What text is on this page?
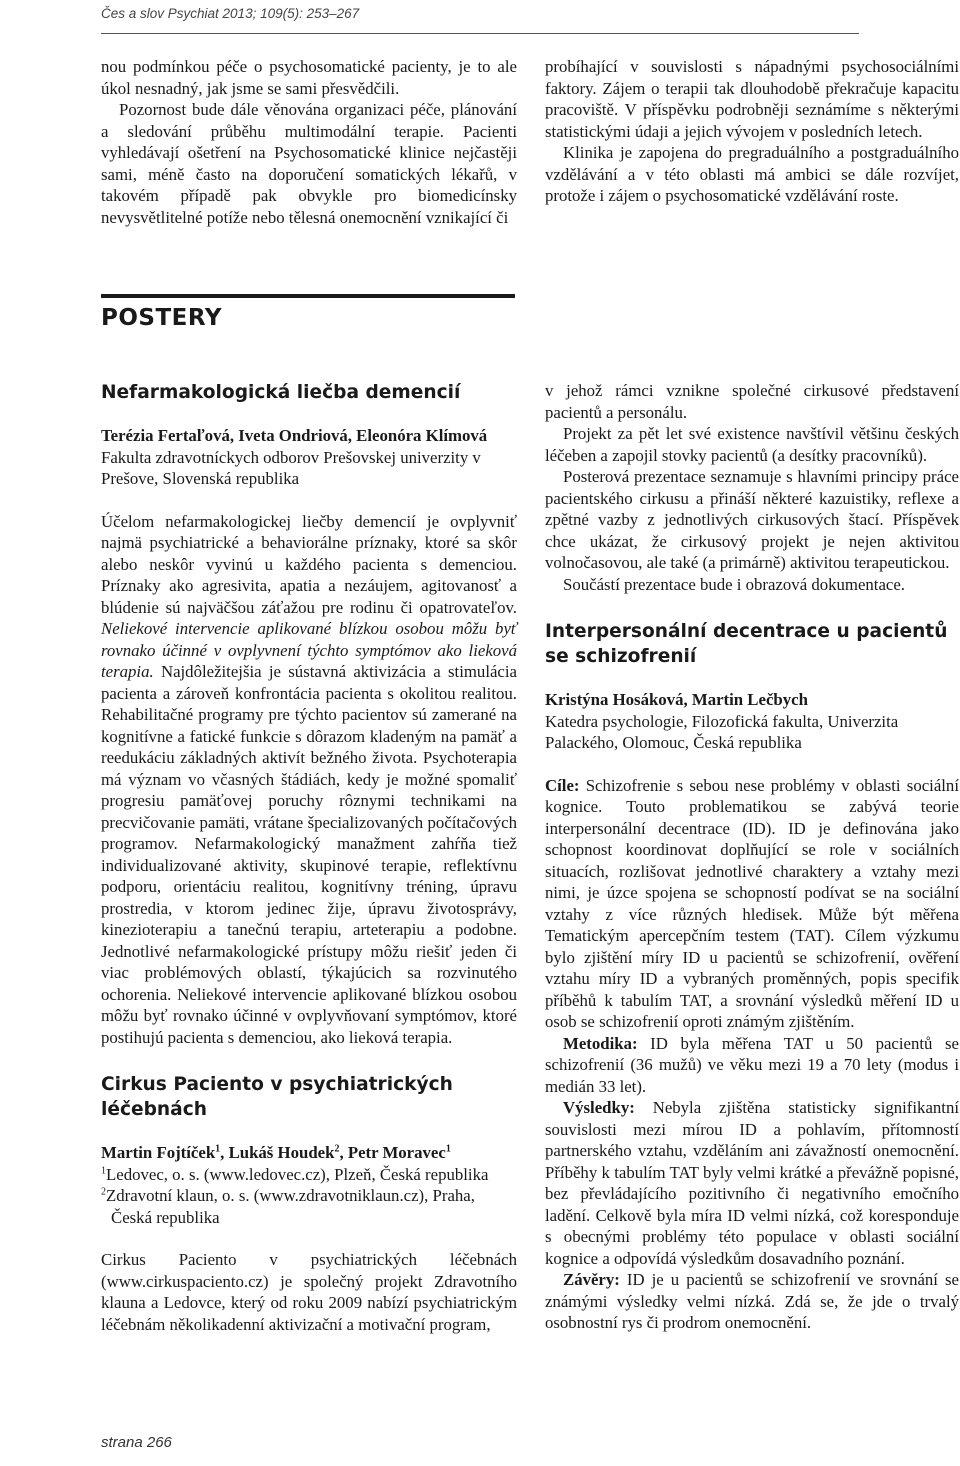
Čes a slov Psychiat 2013; 109(5): 253–267

nou podmínkou péče o psychosomatické pacienty, je to ale úkol nesnadný, jak jsme se sami přesvědčili.

Pozornost bude dále věnována organizaci péče, plánování a sledování průběhu multimodální terapie. Pacienti vyhledávají ošetření na Psychosomatické klinice nejčastěji sami, méně často na doporučení somatických lékařů, v takovém případě pak obvykle pro biomedicínsky nevysvětlitelné potíže nebo tělesná onemocnění vznikající či

probíhající v souvislosti s nápadnými psychosociálními faktory. Zájem o terapii tak dlouhodobě překračuje kapacitu pracoviště. V příspěvku podrobněji seznámíme s některými statistickými údaji a jejich vývojem v posledních letech.

Klinika je zapojena do pregraduálního a postgraduálního vzdělávání a v této oblasti má ambici se dále rozvíjet, protože i zájem o psychosomatické vzdělávání roste.

POSTERY
Nefarmakologická liečba demencií

Terézia Fertaľová, Iveta Ondriová, Eleonóra Klímová

Fakulta zdravotníckych odborov Prešovskej univerzity v Prešove, Slovenská republika

Účelom nefarmakologickej liečby demencií je ovplyvniť najmä psychiatrické a behaviorálne príznaky, ktoré sa skôr alebo neskôr vyvinú u každého pacienta s demenciou. Príznaky ako agresivita, apatia a nezáujem, agitovanosť a blúdenie sú najväčšou záťažou pre rodinu či opatrovateľov. Neliekové intervencie aplikované blízkou osobou môžu byť rovnako účinné v ovplyvnení týchto symptómov ako lieková terapia. Najdôležitejšia je sústavná aktivizácia a stimulácia pacienta a zároveň konfrontácia pacienta s okolitou realitou. Rehabilitačné programy pre týchto pacientov sú zamerané na kognitívne a fatické funkcie s dôrazom kladeným na pamäť a reedukáciu základných aktivít bežného života. Psychoterapia má význam vo včasných štádiách, kedy je možné spomaliť progresiu pamäťovej poruchy rôznymi technikami na precvičovanie pamäti, vrátane špecializovaných počítačových programov. Nefarmakologický manažment zahŕňa tiež individualizované aktivity, skupinové terapie, reflektívnu podporu, orientáciu realitou, kognitívny tréning, úpravu prostredia, v ktorom jedinec žije, úpravu životosprávy, kinezioterapiu a tanečnú terapiu, arteterapiu a podobne. Jednotlivé nefarmakologické prístupy môžu riešiť jeden či viac problémových oblastí, týkajúcich sa rozvinutého ochorenia. Neliekové intervencie aplikované blízkou osobou môžu byť rovnako účinné v ovplyvňovaní symptómov, ktoré postihujú pacienta s demenciou, ako lieková terapia.

Cirkus Paciento v psychiatrických léčebnách

Martin Fojtíček$^1$, Lukáš Houdek$^2$, Petr Moravec$^1$

$^1$Ledovec, o. s. (www.ledovec.cz), Plzeň, Česká republika

$^2$Zdravotní klaun, o. s. (www.zdravotniklaun.cz), Praha,

Česká republika

Cirkus Paciento v psychiatrických léčebnách (www.cirkuspaciento.cz) je společný projekt Zdravotního klauna a Ledovce, který od roku 2009 nabízí psychiatrickým léčebnám několikadenní aktivizační a motivační program,

v jehož rámci vznikne společné cirkusové představení pacientů a personálu.

Projekt za pět let své existence navštívil většinu českých léčeben a zapojil stovky pacientů (a desítky pracovníků).

Posterová prezentace seznamuje s hlavními principy práce pacientského cirkusu a přináší některé kazuistiky, reflexe a zpětné vazby z jednotlivých cirkusových štací. Příspěvek chce ukázat, že cirkusový projekt je nejen aktivitou volnočasovou, ale také (a primárně) aktivitou terapeutickou.

Součástí prezentace bude i obrazová dokumentace.

Interpersonální decentrace u pacientů se schizofrenií

Kristýna Hosáková, Martin Lečbych

Katedra psychologie, Filozofická fakulta, Univerzita Palackého, Olomouc, Česká republika

Cíle: Schizofrenie s sebou nese problémy v oblasti sociální kognice. Touto problematikou se zabývá teorie interpersonální decentrace (ID). ID je definována jako schopnost koordinovat doplňující se role v sociálních situacích, rozlišovat jednotlivé charaktery a vztahy mezi nimi, je úzce spojena se schopností podívat se na sociální vztahy z více různých hledisek. Může být měřena Tematickým apercepčním testem (TAT). Cílem výzkumu bylo zjištění míry ID u pacientů se schizofrenií, ověření vztahu míry ID a vybraných proměnných, popis specifik příběhů k tabulím TAT, a srovnání výsledků měření ID u osob se schizofrenií oproti známým zjištěním.

Metodika: ID byla měřena TAT u 50 pacientů se schizofrenií (36 mužů) ve věku mezi 19 a 70 lety (modus i medián 33 let).

Výsledky: Nebyla zjištěna statisticky signifikantní souvislosti mezi mírou ID a pohlavím, přítomností partnerského vztahu, vzděláním ani závažností onemocnění. Příběhy k tabulím TAT byly velmi krátké a převážně popisné, bez převládajícího pozitivního či negativního emočního ladění. Celkově byla míra ID velmi nízká, což koresponduje s obecnými problémy této populace v oblasti sociální kognice a odpovídá výsledkům dosavadního poznání.

Závěry: ID je u pacientů se schizofrenií ve srovnání se známými výsledky velmi nízká. Zdá se, že jde o trvalý osobnostní rys či prodrom onemocnění.

strana 266
